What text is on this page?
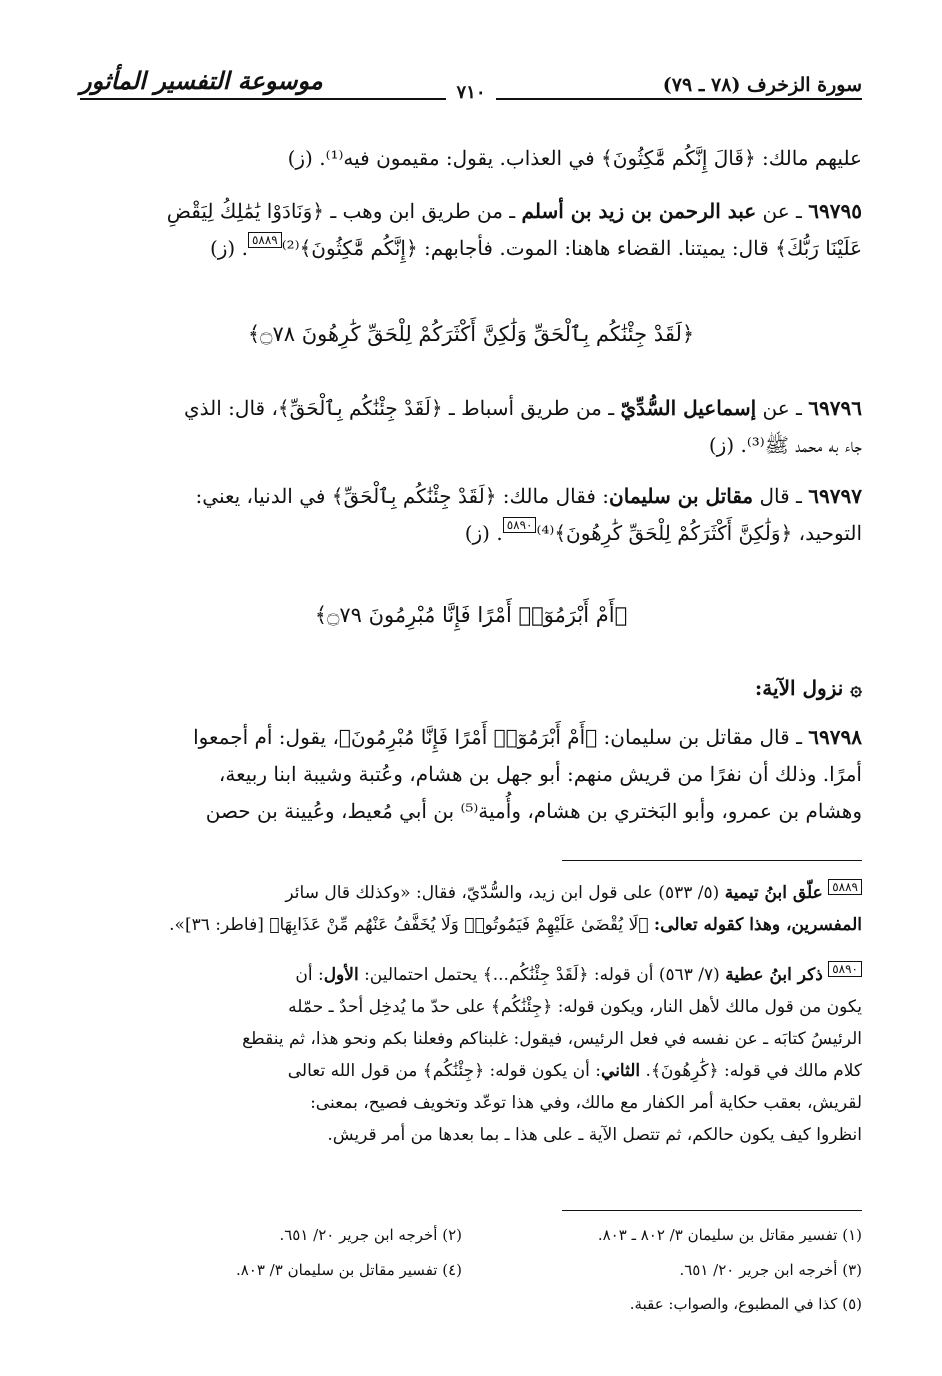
سورة الزخرف (٧٨ ـ ٧٩)
موسوعة التفسير المأثور	٧١٠
عليهم مالك: ﴿قَالَ إِنَّكُم مَّٰكِثُونَ﴾ في العذاب. يقول: مقيمون فيه⁽¹⁾. (ز)
٦٩٧٩٥ ـ عن عبد الرحمن بن زيد بن أسلم ـ من طريق ابن وهب ـ ﴿وَنَادَوْا يَٰمَٰلِكُ لِيَقْضِ
عَلَيْنَا رَبُّكَ﴾ قال: يميتنا. القضاء هاهنا: الموت. فأجابهم: ﴿إِنَّكُم مَّٰكِثُونَ﴾⁽²⁾٥٨٨٩. (ز)
﴿لَقَدْ جِئْنَٰكُم بِٱلْحَقِّ وَلَٰكِنَّ أَكْثَرَكُمْ لِلْحَقِّ كَٰرِهُونَ ۝٧٨﴾
٦٩٧٩٦ ـ عن إسماعيل السُّدِّيّ ـ من طريق أسباط ـ ﴿لَقَدْ جِئْنَٰكُم بِٱلْحَقِّ﴾، قال: الذي
جاء به محمد ﷺ⁽³⁾. (ز)
٦٩٧٩٧ ـ قال مقاتل بن سليمان: فقال مالك: ﴿لَقَدْ جِئْنَٰكُم بِٱلْحَقِّ﴾ في الدنيا، يعني:
التوحيد، ﴿وَلَٰكِنَّ أَكْثَرَكُمْ لِلْحَقِّ كَٰرِهُونَ﴾⁽⁴⁾٥٨٩٠. (ز)
﴿أَمْ أَبْرَمُوٓا۟ أَمْرًا فَإِنَّا مُبْرِمُونَ ۝٧٩﴾
۞ نزول الآية:
٦٩٧٩٨ ـ قال مقاتل بن سليمان: ﴿أَمْ أَبْرَمُوٓا۟ أَمْرًا فَإِنَّا مُبْرِمُونَ﴾، يقول: أم أجمعوا
أمرًا. وذلك أن نفرًا من قريش منهم: أبو جهل بن هشام، وعُتبة وشيبة ابنا ربيعة،
وهشام بن عمرو، وأبو البَختري بن هشام، وأُمية⁽⁵⁾ بن أبي مُعيط، وعُيينة بن حصن
٥٨٨٩ علّق ابنُ تيمية (٥/ ٥٣٣) على قول ابن زيد، والسُّدّيّ، فقال: «وكذلك قال سائر
المفسرين، وهذا كقوله تعالى: ﴿لَا يُقْضَىٰ عَلَيْهِمْ فَيَمُوتُوا۟ وَلَا يُخَفَّفُ عَنْهُم مِّنْ عَذَابِهَا﴾ [فاطر: ٣٦]».
٥٨٩٠ ذكر ابنُ عطية (٧/ ٥٦٣) أن قوله: ﴿لَقَدْ جِئْنَٰكُم...﴾ يحتمل احتمالين: الأول: أن
يكون من قول مالك لأهل النار، ويكون قوله: ﴿جِئْنَٰكُم﴾ على حدّ ما يُدخِل أحدٌ ـ حمّله
الرئيسُ كتابَه ـ عن نفسه في فعل الرئيس، فيقول: غلبناكم وفعلنا بكم ونحو هذا، ثم ينقطع
كلام مالك في قوله: ﴿كَٰرِهُونَ﴾. الثاني: أن يكون قوله: ﴿جِئْنَٰكُم﴾ من قول الله تعالى
لقريش، بعقب حكاية أمر الكفار مع مالك، وفي هذا توعّد وتخويف فصيح، بمعنى:
انظروا كيف يكون حالكم، ثم تتصل الآية ـ على هذا ـ بما بعدها من أمر قريش.
(١) تفسير مقاتل بن سليمان ٣/ ٨٠٢ ـ ٨٠٣.
(٢) أخرجه ابن جرير ٢٠/ ٦٥١.
(٣) أخرجه ابن جرير ٢٠/ ٦٥١.
(٤) تفسير مقاتل بن سليمان ٣/ ٨٠٣.
(٥) كذا في المطبوع، والصواب: عقبة.
